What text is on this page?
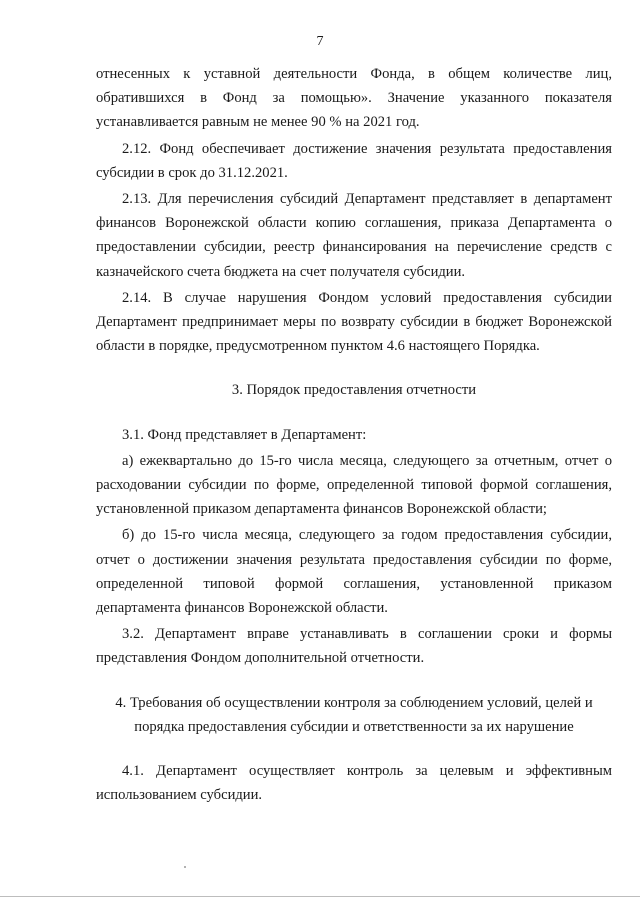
7

отнесенных к уставной деятельности Фонда, в общем количестве лиц, обратившихся в Фонд за помощью». Значение указанного показателя устанавливается равным не менее 90 % на 2021 год.

2.12. Фонд обеспечивает достижение значения результата предоставления субсидии в срок до 31.12.2021.

2.13. Для перечисления субсидий Департамент представляет в департамент финансов Воронежской области копию соглашения, приказа Департамента о предоставлении субсидии, реестр финансирования на перечисление средств с казначейского счета бюджета на счет получателя субсидии.

2.14. В случае нарушения Фондом условий предоставления субсидии Департамент предпринимает меры по возврату субсидии в бюджет Воронежской области в порядке, предусмотренном пунктом 4.6 настоящего Порядка.

3. Порядок предоставления отчетности

3.1. Фонд представляет в Департамент:

а) ежеквартально до 15-го числа месяца, следующего за отчетным, отчет о расходовании субсидии по форме, определенной типовой формой соглашения, установленной приказом департамента финансов Воронежской области;

б) до 15-го числа месяца, следующего за годом предоставления субсидии, отчет о достижении значения результата предоставления субсидии по форме, определенной типовой формой соглашения, установленной приказом департамента финансов Воронежской области.

3.2. Департамент вправе устанавливать в соглашении сроки и формы представления Фондом дополнительной отчетности.

4. Требования об осуществлении контроля за соблюдением условий, целей и

порядка предоставления субсидии и ответственности за их нарушение

4.1. Департамент осуществляет контроль за целевым и эффективным использованием субсидии.
